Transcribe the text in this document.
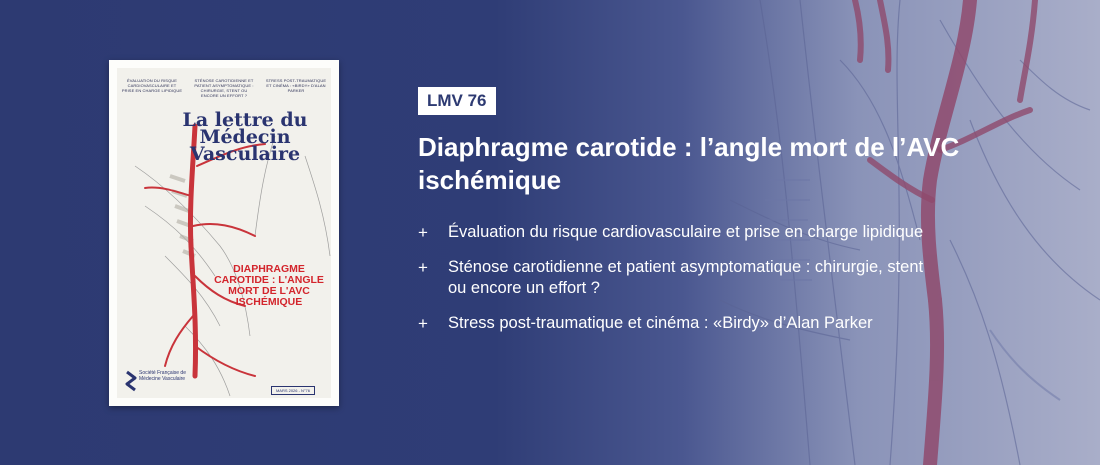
ÉVALUATION DU RISQUE CARDIOVASCULAIRE ET PRISE EN CHARGE LIPIDIQUE
STÉNOSE CAROTIDIENNE ET PATIENT ASYMPTOMATIQUE : CHIRURGIE, STENT OU ENCORE UN EFFORT ?
STRESS POST-TRAUMATIQUE ET CINÉMA : «BIRDY» D'ALAN PARKER
La lettre du Médecin Vasculaire
DIAPHRAGME CAROTIDE : L'ANGLE MORT DE L'AVC ISCHÉMIQUE
Société Française de Médecine Vasculaire
MARS 2026 - N°76
LMV 76
Diaphragme carotide : l’angle mort de l’AVC ischémique
+	Évaluation du risque cardiovasculaire et prise en charge lipidique
+	Sténose carotidienne et patient asymptomatique : chirurgie, stent ou encore un effort ?
+	Stress post-traumatique et cinéma : «Birdy» d’Alan Parker
